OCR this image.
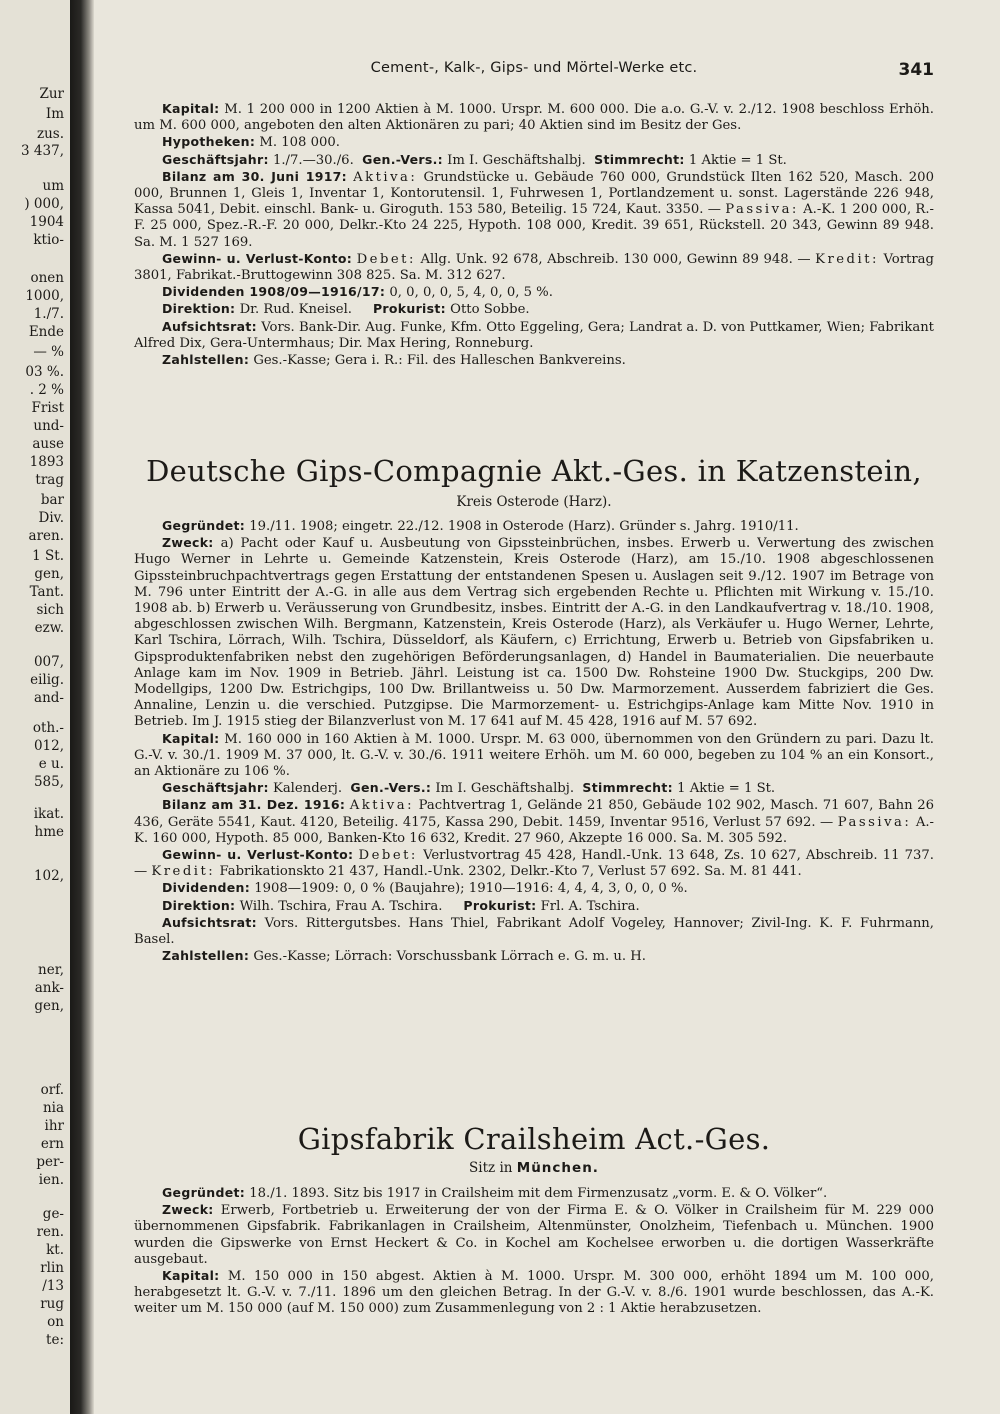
Zur
Im
zus.
3 437,
um
) 000,
1904
ktio-
onen
1000,
1./7.
Ende
— %
03 %.
. 2 %
Frist
und-
ause
1893
trag
bar
Div.
aren.
1 St.
gen,
Tant.
sich
ezw.
007,
eilig.
and-
oth.-
012,
e u.
585,
ikat.
hme
102,
ner,
ank-
gen,
orf.
nia
ihr
ern
per-
ien.
ge-
ren.
kt.
rlin
/13
rug
on
te:
Cement-, Kalk-, Gips- und Mörtel-Werke etc.	341

Kapital: M. 1 200 000 in 1200 Aktien à M. 1000. Urspr. M. 600 000. Die a.o. G.-V. v. 2./12. 1908 beschloss Erhöh. um M. 600 000, angeboten den alten Aktionären zu pari; 40 Aktien sind im Besitz der Ges.

Hypotheken: M. 108 000.

Geschäftsjahr: 1./7.—30./6. Gen.-Vers.: Im I. Geschäftshalbj. Stimmrecht: 1 Aktie = 1 St.

Bilanz am 30. Juni 1917: Aktiva: Grundstücke u. Gebäude 760 000, Grundstück Ilten 162 520, Masch. 200 000, Brunnen 1, Gleis 1, Inventar 1, Kontorutensil. 1, Fuhrwesen 1, Portlandzement u. sonst. Lagerstände 226 948, Kassa 5041, Debit. einschl. Bank- u. Giroguth. 153 580, Beteilig. 15 724, Kaut. 3350. — Passiva: A.-K. 1 200 000, R.-F. 25 000, Spez.-R.-F. 20 000, Delkr.-Kto 24 225, Hypoth. 108 000, Kredit. 39 651, Rückstell. 20 343, Gewinn 89 948. Sa. M. 1 527 169.

Gewinn- u. Verlust-Konto: Debet: Allg. Unk. 92 678, Abschreib. 130 000, Gewinn 89 948. — Kredit: Vortrag 3801, Fabrikat.-Bruttogewinn 308 825. Sa. M. 312 627.

Dividenden 1908/09—1916/17: 0, 0, 0, 0, 5, 4, 0, 0, 5 %.

Direktion: Dr. Rud. Kneisel. Prokurist: Otto Sobbe.

Aufsichtsrat: Vors. Bank-Dir. Aug. Funke, Kfm. Otto Eggeling, Gera; Landrat a. D. von Puttkamer, Wien; Fabrikant Alfred Dix, Gera-Untermhaus; Dir. Max Hering, Ronneburg.

Zahlstellen: Ges.-Kasse; Gera i. R.: Fil. des Halleschen Bankvereins.

Deutsche Gips-Compagnie Akt.-Ges. in Katzenstein,
Kreis Osterode (Harz).

Gegründet: 19./11. 1908; eingetr. 22./12. 1908 in Osterode (Harz). Gründer s. Jahrg. 1910/11.

Zweck: a) Pacht oder Kauf u. Ausbeutung von Gipssteinbrüchen, insbes. Erwerb u. Verwertung des zwischen Hugo Werner in Lehrte u. Gemeinde Katzenstein, Kreis Osterode (Harz), am 15./10. 1908 abgeschlossenen Gipssteinbruchpachtvertrags gegen Erstattung der entstandenen Spesen u. Auslagen seit 9./12. 1907 im Betrage von M. 796 unter Eintritt der A.-G. in alle aus dem Vertrag sich ergebenden Rechte u. Pflichten mit Wirkung v. 15./10. 1908 ab. b) Erwerb u. Veräusserung von Grundbesitz, insbes. Eintritt der A.-G. in den Landkaufvertrag v. 18./10. 1908, abgeschlossen zwischen Wilh. Bergmann, Katzenstein, Kreis Osterode (Harz), als Verkäufer u. Hugo Werner, Lehrte, Karl Tschira, Lörrach, Wilh. Tschira, Düsseldorf, als Käufern, c) Errichtung, Erwerb u. Betrieb von Gipsfabriken u. Gipsproduktenfabriken nebst den zugehörigen Beförderungsanlagen, d) Handel in Baumaterialien. Die neuerbaute Anlage kam im Nov. 1909 in Betrieb. Jährl. Leistung ist ca. 1500 Dw. Rohsteine 1900 Dw. Stuckgips, 200 Dw. Modellgips, 1200 Dw. Estrichgips, 100 Dw. Brillantweiss u. 50 Dw. Marmorzement. Ausserdem fabriziert die Ges. Annaline, Lenzin u. die verschied. Putzgipse. Die Marmorzement- u. Estrichgips-Anlage kam Mitte Nov. 1910 in Betrieb. Im J. 1915 stieg der Bilanzverlust von M. 17 641 auf M. 45 428, 1916 auf M. 57 692.

Kapital: M. 160 000 in 160 Aktien à M. 1000. Urspr. M. 63 000, übernommen von den Gründern zu pari. Dazu lt. G.-V. v. 30./1. 1909 M. 37 000, lt. G.-V. v. 30./6. 1911 weitere Erhöh. um M. 60 000, begeben zu 104 % an ein Konsort., an Aktionäre zu 106 %.

Geschäftsjahr: Kalenderj. Gen.-Vers.: Im I. Geschäftshalbj. Stimmrecht: 1 Aktie = 1 St.

Bilanz am 31. Dez. 1916: Aktiva: Pachtvertrag 1, Gelände 21 850, Gebäude 102 902, Masch. 71 607, Bahn 26 436, Geräte 5541, Kaut. 4120, Beteilig. 4175, Kassa 290, Debit. 1459, Inventar 9516, Verlust 57 692. — Passiva: A.-K. 160 000, Hypoth. 85 000, Banken-Kto 16 632, Kredit. 27 960, Akzepte 16 000. Sa. M. 305 592.

Gewinn- u. Verlust-Konto: Debet: Verlustvortrag 45 428, Handl.-Unk. 13 648, Zs. 10 627, Abschreib. 11 737. — Kredit: Fabrikationskto 21 437, Handl.-Unk. 2302, Delkr.-Kto 7, Verlust 57 692. Sa. M. 81 441.

Dividenden: 1908—1909: 0, 0 % (Baujahre); 1910—1916: 4, 4, 4, 3, 0, 0, 0 %.

Direktion: Wilh. Tschira, Frau A. Tschira. Prokurist: Frl. A. Tschira.

Aufsichtsrat: Vors. Rittergutsbes. Hans Thiel, Fabrikant Adolf Vogeley, Hannover; Zivil-Ing. K. F. Fuhrmann, Basel.

Zahlstellen: Ges.-Kasse; Lörrach: Vorschussbank Lörrach e. G. m. u. H.

Gipsfabrik Crailsheim Act.-Ges.
Sitz in München.

Gegründet: 18./1. 1893. Sitz bis 1917 in Crailsheim mit dem Firmenzusatz „vorm. E. & O. Völker“.

Zweck: Erwerb, Fortbetrieb u. Erweiterung der von der Firma E. & O. Völker in Crailsheim für M. 229 000 übernommenen Gipsfabrik. Fabrikanlagen in Crailsheim, Altenmünster, Onolzheim, Tiefenbach u. München. 1900 wurden die Gipswerke von Ernst Heckert & Co. in Kochel am Kochelsee erworben u. die dortigen Wasserkräfte ausgebaut.

Kapital: M. 150 000 in 150 abgest. Aktien à M. 1000. Urspr. M. 300 000, erhöht 1894 um M. 100 000, herabgesetzt lt. G.-V. v. 7./11. 1896 um den gleichen Betrag. In der G.-V. v. 8./6. 1901 wurde beschlossen, das A.-K. weiter um M. 150 000 (auf M. 150 000) zum Zusammenlegung von 2 : 1 Aktie herabzusetzen.
